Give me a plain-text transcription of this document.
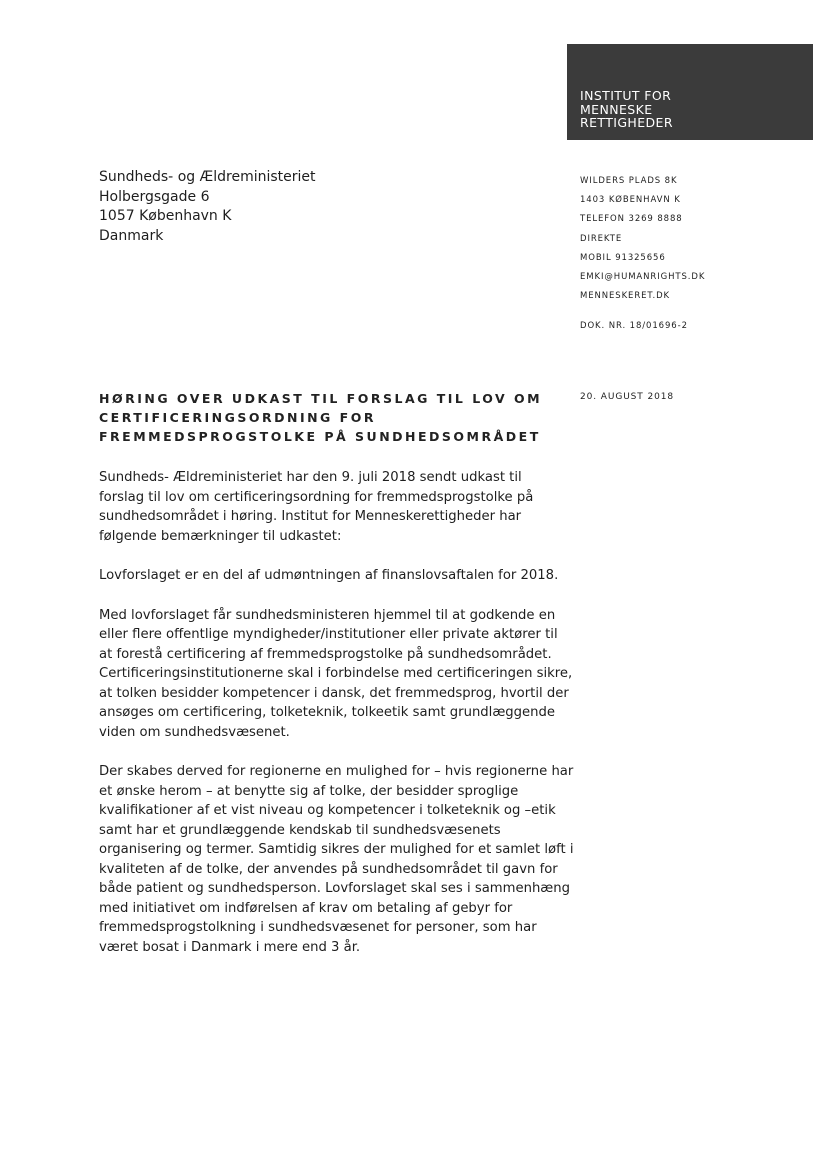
INSTITUT FOR
MENNESKE
RETTIGHEDER
Sundheds- og Ældreministeriet
Holbergsgade 6
1057 København K
Danmark
WILDERS PLADS 8K
1403 KØBENHAVN K
TELEFON 3269 8888
DIREKTE
MOBIL 91325656
EMKI@HUMANRIGHTS.DK
MENNESKERET.DK
DOK. NR. 18/01696-2
HØRING OVER UDKAST TIL FORSLAG TIL LOV OM
CERTIFICERINGSORDNING FOR
FREMMEDSPROGSTOLKE PÅ SUNDHEDSOMRÅDET
20. AUGUST 2018
Sundheds- Ældreministeriet har den 9. juli 2018 sendt udkast til
forslag til lov om certificeringsordning for fremmedsprogstolke på
sundhedsområdet i høring. Institut for Menneskerettigheder har
følgende bemærkninger til udkastet:
Lovforslaget er en del af udmøntningen af finanslovsaftalen for 2018.
Med lovforslaget får sundhedsministeren hjemmel til at godkende en
eller flere offentlige myndigheder/institutioner eller private aktører til
at forestå certificering af fremmedsprogstolke på sundhedsområdet.
Certificeringsinstitutionerne skal i forbindelse med certificeringen sikre,
at tolken besidder kompetencer i dansk, det fremmedsprog, hvortil der
ansøges om certificering, tolketeknik, tolkeetik samt grundlæggende
viden om sundhedsvæsenet.
Der skabes derved for regionerne en mulighed for – hvis regionerne har
et ønske herom – at benytte sig af tolke, der besidder sproglige
kvalifikationer af et vist niveau og kompetencer i tolketeknik og –etik
samt har et grundlæggende kendskab til sundhedsvæsenets
organisering og termer. Samtidig sikres der mulighed for et samlet løft i
kvaliteten af de tolke, der anvendes på sundhedsområdet til gavn for
både patient og sundhedsperson. Lovforslaget skal ses i sammenhæng
med initiativet om indførelsen af krav om betaling af gebyr for
fremmedsprogstolkning i sundhedsvæsenet for personer, som har
været bosat i Danmark i mere end 3 år.
